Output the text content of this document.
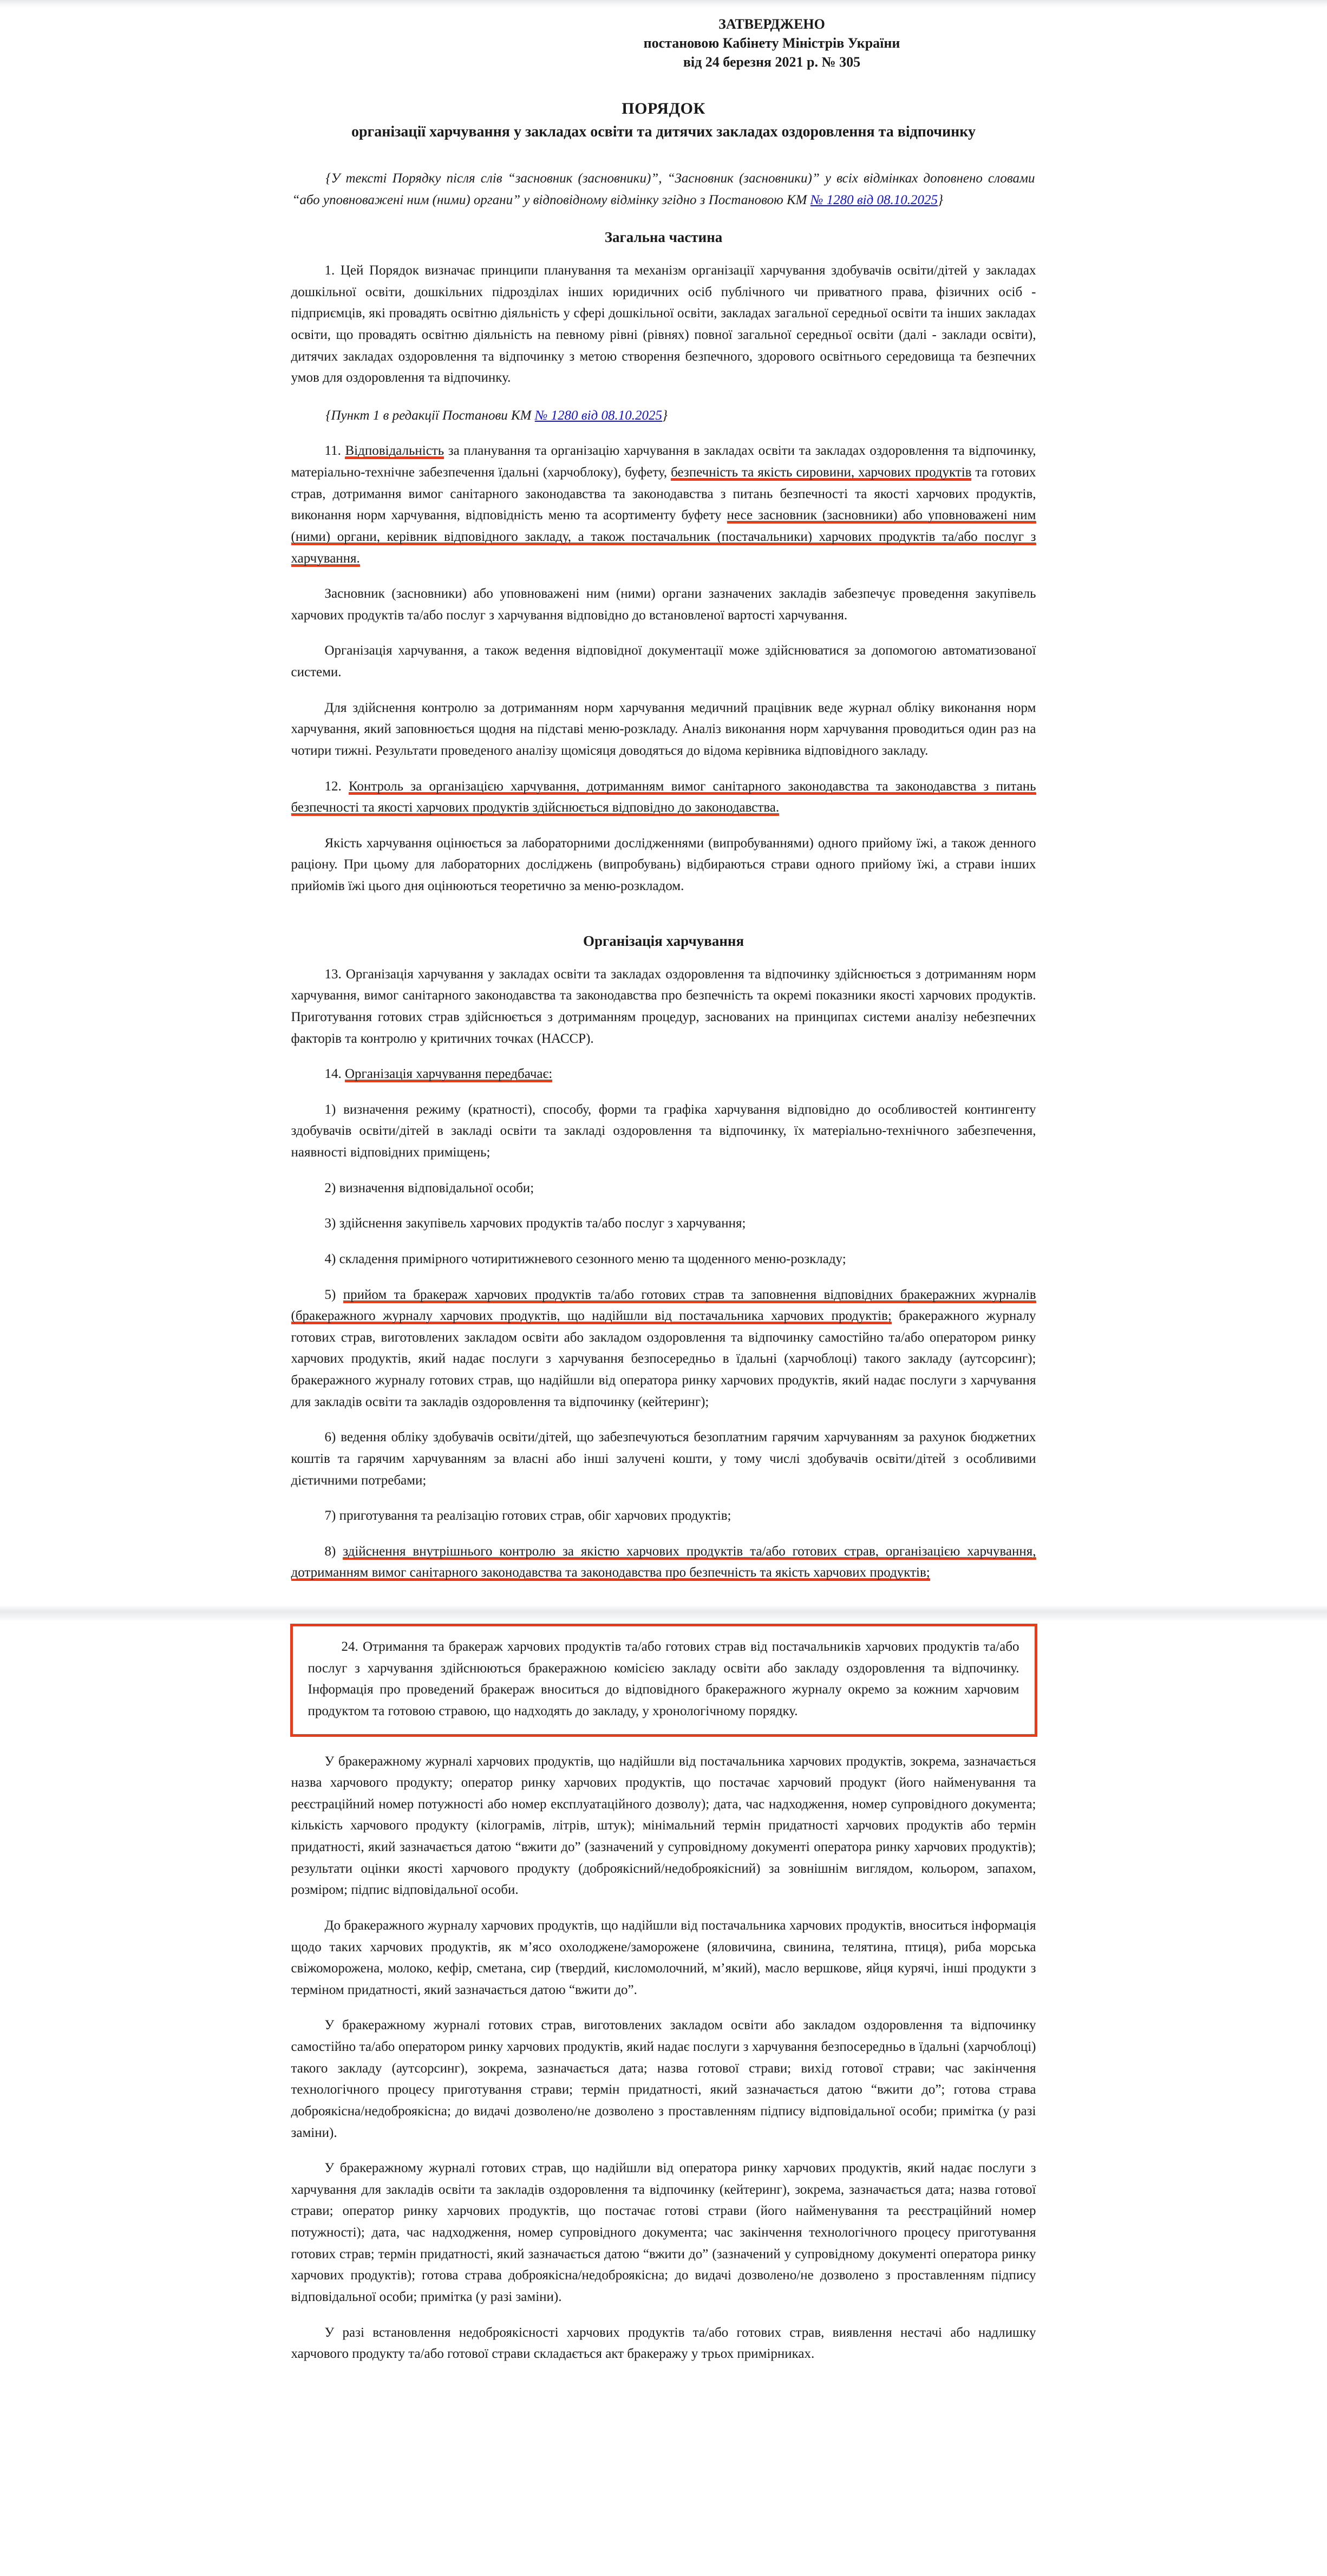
ЗАТВЕРДЖЕНО
постановою Кабінету Міністрів України
від 24 березня 2021 р. № 305
ПОРЯДОК
організації харчування у закладах освіти та дитячих закладах оздоровлення та відпочинку
{У тексті Порядку після слів “засновник (засновники)”, “Засновник (засновники)” у всіх відмінках доповнено словами “або уповноважені ним (ними) органи” у відповідному відмінку згідно з Постановою КМ № 1280 від 08.10.2025}
Загальна частина

1. Цей Порядок визначає принципи планування та механізм організації харчування здобувачів освіти/дітей у закладах дошкільної освіти, дошкільних підрозділах інших юридичних осіб публічного чи приватного права, фізичних осіб - підприємців, які провадять освітню діяльність у сфері дошкільної освіти, закладах загальної середньої освіти та інших закладах освіти, що провадять освітню діяльність на певному рівні (рівнях) повної загальної середньої освіти (далі - заклади освіти), дитячих закладах оздоровлення та відпочинку з метою створення безпечного, здорового освітнього середовища та безпечних умов для оздоровлення та відпочинку.

{Пункт 1 в редакції Постанови КМ № 1280 від 08.10.2025}

11. Відповідальність за планування та організацію харчування в закладах освіти та закладах оздоровлення та відпочинку, матеріально-технічне забезпечення їдальні (харчоблоку), буфету, безпечність та якість сировини, харчових продуктів та готових страв, дотримання вимог санітарного законодавства та законодавства з питань безпечності та якості харчових продуктів, виконання норм харчування, відповідність меню та асортименту буфету несе засновник (засновники) або уповноважені ним (ними) органи, керівник відповідного закладу, а також постачальник (постачальники) харчових продуктів та/або послуг з харчування.

Засновник (засновники) або уповноважені ним (ними) органи зазначених закладів забезпечує проведення закупівель харчових продуктів та/або послуг з харчування відповідно до встановленої вартості харчування.

Організація харчування, а також ведення відповідної документації може здійснюватися за допомогою автоматизованої системи.

Для здійснення контролю за дотриманням норм харчування медичний працівник веде журнал обліку виконання норм харчування, який заповнюється щодня на підставі меню-розкладу. Аналіз виконання норм харчування проводиться один раз на чотири тижні. Результати проведеного аналізу щомісяця доводяться до відома керівника відповідного закладу.

12. Контроль за організацією харчування, дотриманням вимог санітарного законодавства та законодавства з питань безпечності та якості харчових продуктів здійснюється відповідно до законодавства.

Якість харчування оцінюється за лабораторними дослідженнями (випробуваннями) одного прийому їжі, а також денного раціону. При цьому для лабораторних досліджень (випробувань) відбираються страви одного прийому їжі, а страви інших прийомів їжі цього дня оцінюються теоретично за меню-розкладом.

Організація харчування

13. Організація харчування у закладах освіти та закладах оздоровлення та відпочинку здійснюється з дотриманням норм харчування, вимог санітарного законодавства та законодавства про безпечність та окремі показники якості харчових продуктів. Приготування готових страв здійснюється з дотриманням процедур, заснованих на принципах системи аналізу небезпечних факторів та контролю у критичних точках (НАССР).

14. Організація харчування передбачає:

1) визначення режиму (кратності), способу, форми та графіка харчування відповідно до особливостей контингенту здобувачів освіти/дітей в закладі освіти та закладі оздоровлення та відпочинку, їх матеріально-технічного забезпечення, наявності відповідних приміщень;

2) визначення відповідальної особи;

3) здійснення закупівель харчових продуктів та/або послуг з харчування;

4) складення примірного чотиритижневого сезонного меню та щоденного меню-розкладу;

5) прийом та бракераж харчових продуктів та/або готових страв та заповнення відповідних бракеражних журналів (бракеражного журналу харчових продуктів, що надійшли від постачальника харчових продуктів; бракеражного журналу готових страв, виготовлених закладом освіти або закладом оздоровлення та відпочинку самостійно та/або оператором ринку харчових продуктів, який надає послуги з харчування безпосередньо в їдальні (харчоблоці) такого закладу (аутсорсинг); бракеражного журналу готових страв, що надійшли від оператора ринку харчових продуктів, який надає послуги з харчування для закладів освіти та закладів оздоровлення та відпочинку (кейтеринг);

6) ведення обліку здобувачів освіти/дітей, що забезпечуються безоплатним гарячим харчуванням за рахунок бюджетних коштів та гарячим харчуванням за власні або інші залучені кошти, у тому числі здобувачів освіти/дітей з особливими дієтичними потребами;

7) приготування та реалізацію готових страв, обіг харчових продуктів;

8) здійснення внутрішнього контролю за якістю харчових продуктів та/або готових страв, організацією харчування, дотриманням вимог санітарного законодавства та законодавства про безпечність та якість харчових продуктів;

24. Отримання та бракераж харчових продуктів та/або готових страв від постачальників харчових продуктів та/або послуг з харчування здійснюються бракеражною комісією закладу освіти або закладу оздоровлення та відпочинку. Інформація про проведений бракераж вноситься до відповідного бракеражного журналу окремо за кожним харчовим продуктом та готовою стравою, що надходять до закладу, у хронологічному порядку.

У бракеражному журналі харчових продуктів, що надійшли від постачальника харчових продуктів, зокрема, зазначається назва харчового продукту; оператор ринку харчових продуктів, що постачає харчовий продукт (його найменування та реєстраційний номер потужності або номер експлуатаційного дозволу); дата, час надходження, номер супровідного документа; кількість харчового продукту (кілограмів, літрів, штук); мінімальний термін придатності харчових продуктів або термін придатності, який зазначається датою “вжити до” (зазначений у супровідному документі оператора ринку харчових продуктів); результати оцінки якості харчового продукту (доброякісний/недоброякісний) за зовнішнім виглядом, кольором, запахом, розміром; підпис відповідальної особи.

До бракеражного журналу харчових продуктів, що надійшли від постачальника харчових продуктів, вноситься інформація щодо таких харчових продуктів, як м’ясо охолоджене/заморожене (яловичина, свинина, телятина, птиця), риба морська свіжоморожена, молоко, кефір, сметана, сир (твердий, кисломолочний, м’який), масло вершкове, яйця курячі, інші продукти з терміном придатності, який зазначається датою “вжити до”.

У бракеражному журналі готових страв, виготовлених закладом освіти або закладом оздоровлення та відпочинку самостійно та/або оператором ринку харчових продуктів, який надає послуги з харчування безпосередньо в їдальні (харчоблоці) такого закладу (аутсорсинг), зокрема, зазначається дата; назва готової страви; вихід готової страви; час закінчення технологічного процесу приготування страви; термін придатності, який зазначається датою “вжити до”; готова страва доброякісна/недоброякісна; до видачі дозволено/не дозволено з проставленням підпису відповідальної особи; примітка (у разі заміни).

У бракеражному журналі готових страв, що надійшли від оператора ринку харчових продуктів, який надає послуги з харчування для закладів освіти та закладів оздоровлення та відпочинку (кейтеринг), зокрема, зазначається дата; назва готової страви; оператор ринку харчових продуктів, що постачає готові страви (його найменування та реєстраційний номер потужності); дата, час надходження, номер супровідного документа; час закінчення технологічного процесу приготування готових страв; термін придатності, який зазначається датою “вжити до” (зазначений у супровідному документі оператора ринку харчових продуктів); готова страва доброякісна/недоброякісна; до видачі дозволено/не дозволено з проставленням підпису відповідальної особи; примітка (у разі заміни).

У разі встановлення недоброякісності харчових продуктів та/або готових страв, виявлення нестачі або надлишку харчового продукту та/або готової страви складається акт бракеражу у трьох примірниках.
